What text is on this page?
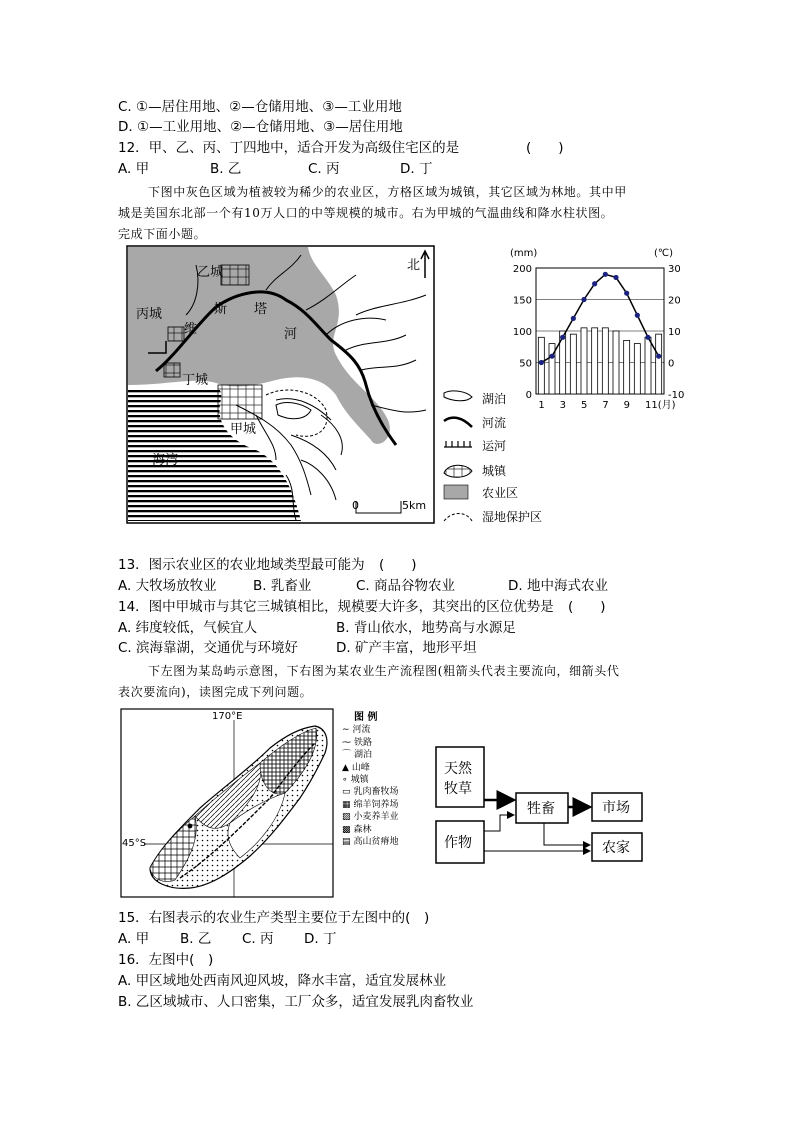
C. ①—居住用地、②—仓储用地、③—工业用地
D. ①—工业用地、②—仓储用地、③—居住用地
12．甲、乙、丙、丁四地中，适合开发为高级住宅区的是	(　　)
A. 甲	B. 乙	C. 丙	D. 丁
下图中灰色区域为植被较为稀少的农业区，方格区域为城镇，其它区域为林地。其中甲
城是美国东北部一个有10万人口的中等规模的城市。右为甲城的气温曲线和降水柱状图。
完成下面小题。
乙城
丙城
丁城
甲城
海湾
斯 塔
维	河
北
0	5km
湖泊
河流
运河
城镇
农业区
湿地保护区
(mm)	(℃)
200
150
100
50
0
30
20
10
0
-10
1 3 5 7 9 11(月)
13．图示农业区的农业地域类型最可能为 (　　)
A. 大牧场放牧业	B. 乳畜业	C. 商品谷物农业	D. 地中海式农业
14．图中甲城市与其它三城镇相比，规模要大许多，其突出的区位优势是 (　　)
A. 纬度较低，气候宜人	B. 背山依水，地势高与水源足
C. 滨海靠湖，交通优与环境好	D. 矿产丰富，地形平坦
下左图为某岛屿示意图，下右图为某农业生产流程图(粗箭头代表主要流向，细箭头代
表次要流向)，读图完成下列问题。
170°E
45°S
图 例
∼ 河流
⁓ 铁路
⌒ 湖泊
▲ 山峰
∘ 城镇
▭ 乳肉畜牧场
▦ 绵羊饲养场
▨ 小麦养羊业
▩ 森林
▤ 高山贫瘠地
天然
牧草
作物
牲畜	市场
农家
15．右图表示的农业生产类型主要位于左图中的(　)
A. 甲 B. 乙 C. 丙 D. 丁
16．左图中(　)
A. 甲区域地处西南风迎风坡，降水丰富，适宜发展林业
B. 乙区域城市、人口密集，工厂众多，适宜发展乳肉畜牧业
